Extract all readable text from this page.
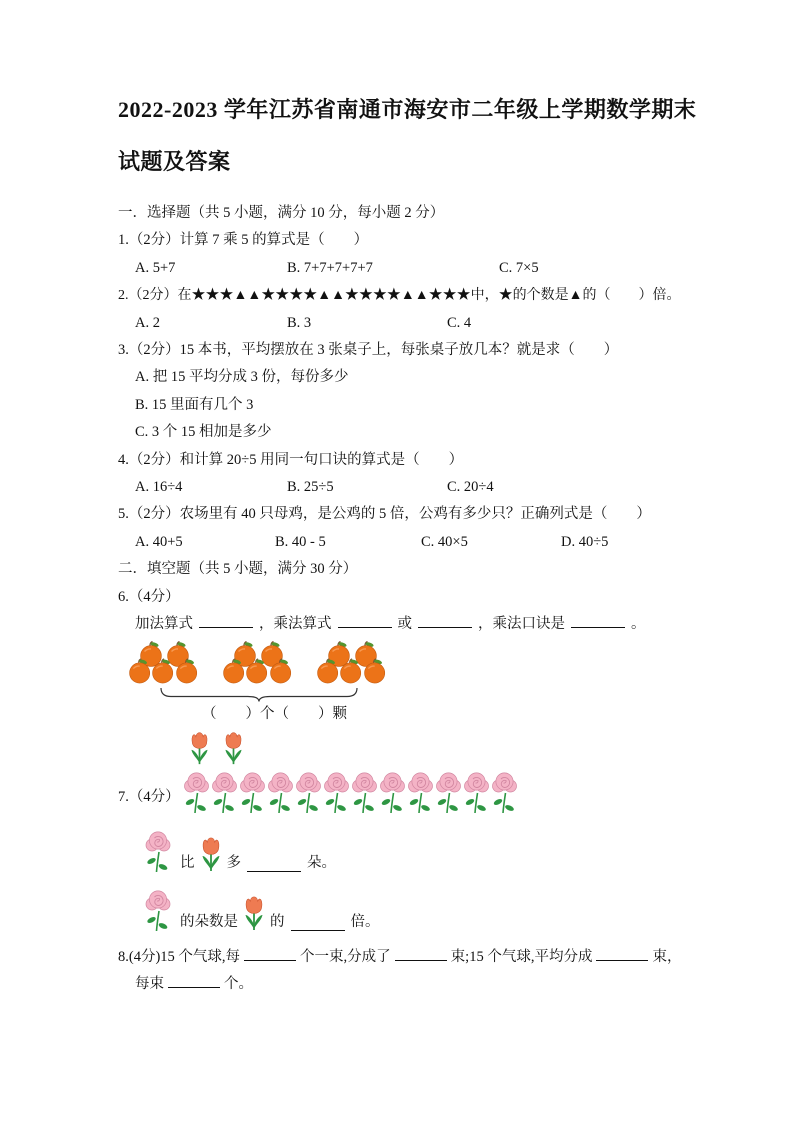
2022-2023 学年江苏省南通市海安市二年级上学期数学期末
试题及答案
一．选择题（共 5 小题，满分 10 分，每小题 2 分）
1.（2分）计算 7 乘 5 的算式是（　　）
A. 5+7	B. 7+7+7+7+7	C. 7×5
2.（2分）在★★★▲▲★★★★▲▲★★★★▲▲★★★中，★的个数是▲的（　　）倍。
A. 2	B. 3	C. 4
3.（2分）15 本书，平均摆放在 3 张桌子上，每张桌子放几本？就是求（　　）
A. 把 15 平均分成 3 份，每份多少
B. 15 里面有几个 3
C. 3 个 15 相加是多少
4.（2分）和计算 20÷5 用同一句口诀的算式是（　　）
A. 16÷4	B. 25÷5	C. 20÷4
5.（2分）农场里有 40 只母鸡，是公鸡的 5 倍，公鸡有多少只？正确列式是（　　）
A. 40+5	B. 40 - 5	C. 40×5	D. 40÷5
二．填空题（共 5 小题，满分 30 分）
6.（4分）
加法算式	，乘法算式	或	，乘法口诀是	。
（　　）个（　　）颗
7.（4分）
比 多	朵。
的朵数是 的	倍。
8.(4分)15 个气球,每	个一束,分成了	束;15 个气球,平均分成	束，
每束	个。
